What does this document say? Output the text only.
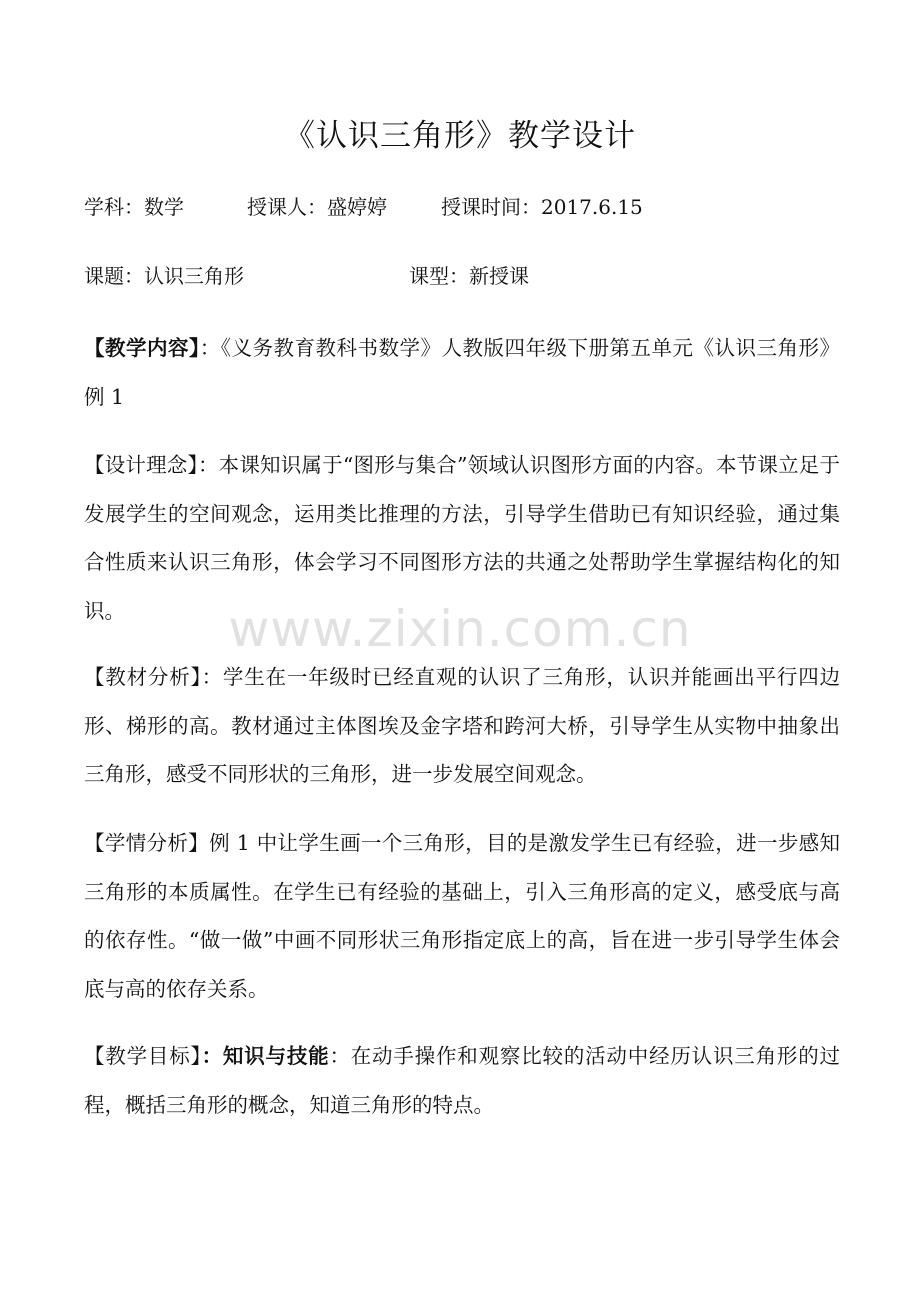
《认识三角形》教学设计
学科：数学	授课人：盛婷婷	授课时间：2017.6.15
课题：认识三角形	课型：新授课

【教学内容】：《义务教育教科书数学》人教版四年级下册第五单元《认识三角形》例 1

【设计理念】：本课知识属于“图形与集合”领域认识图形方面的内容。本节课立足于发展学生的空间观念，运用类比推理的方法，引导学生借助已有知识经验，通过集合性质来认识三角形，体会学习不同图形方法的共通之处帮助学生掌握结构化的知识。

【教材分析】：学生在一年级时已经直观的认识了三角形，认识并能画出平行四边形、梯形的高。教材通过主体图埃及金字塔和跨河大桥，引导学生从实物中抽象出三角形，感受不同形状的三角形，进一步发展空间观念。

【学情分析】例 1 中让学生画一个三角形，目的是激发学生已有经验，进一步感知三角形的本质属性。在学生已有经验的基础上，引入三角形高的定义，感受底与高的依存性。“做一做”中画不同形状三角形指定底上的高，旨在进一步引导学生体会底与高的依存关系。

【教学目标】：知识与技能：在动手操作和观察比较的活动中经历认识三角形的过程，概括三角形的概念，知道三角形的特点。

www.zixin.com.cn
